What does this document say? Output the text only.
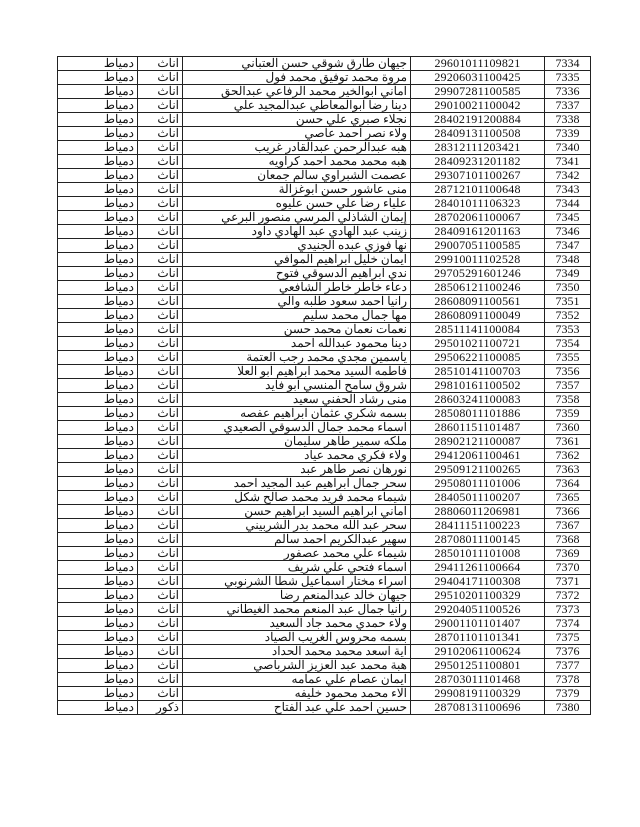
دمياط	اناث	جيهان طارق شوقي حسن العتباني	29601011109821	7334
دمياط	اناث	مروة محمد توفيق محمد فول	29206031100425	7335
دمياط	اناث	اماني ابوالخير محمد الرفاعي عبدالحق	29907281100585	7336
دمياط	اناث	دينا رضا ابوالمعاطي عبدالمجيد علي	29010021100042	7337
دمياط	اناث	نجلاء صبري علي حسن	28402191200884	7338
دمياط	اناث	ولاء نصر احمد عاصي	28409131100508	7339
دمياط	اناث	هبه عبدالرحمن عبدالقادر غريب	28312111203421	7340
دمياط	اناث	هبه محمد محمد احمد كراويه	28409231201182	7341
دمياط	اناث	عصمت الشبراوي سالم جمعان	29307101100267	7342
دمياط	اناث	منى عاشور حسن ابوغزالة	28712101100648	7343
دمياط	اناث	علياء رضا علي حسن عليوه	28401011106323	7344
دمياط	اناث	إيمان الشاذلي المرسي منصور البرعي	28702061100067	7345
دمياط	اناث	زينب عبد الهادي عبد الهادي داود	28409161201163	7346
دمياط	اناث	نها فوزي عبده الجنيدي	29007051100585	7347
دمياط	اناث	ايمان خليل ابراهيم الموافي	29910011102528	7348
دمياط	اناث	ندي ابراهيم الدسوقي فتوح	29705291601246	7349
دمياط	اناث	دعاء خاطر خاطر الشافعي	28506121100246	7350
دمياط	اناث	رانيا احمد سعود طلبه والي	28608091100561	7351
دمياط	اناث	مها جمال محمد سليم	28608091100049	7352
دمياط	اناث	نعمات نعمان محمد حسن	28511141100084	7353
دمياط	اناث	دينا محمود عبدالله احمد	29501021100721	7354
دمياط	اناث	ياسمين مجدي محمد رجب العتمة	29506221100085	7355
دمياط	اناث	فاطمه السيد محمد ابراهيم ابو العلا	28510141100703	7356
دمياط	اناث	شروق سامح المنسي ابو فايد	29810161100502	7357
دمياط	اناث	منى رشاد الحفني سعيد	28603241100083	7358
دمياط	اناث	بسمه شكري عثمان ابراهيم عفصه	28508011101886	7359
دمياط	اناث	اسماء محمد جمال الدسوقي الصعيدي	28601151101487	7360
دمياط	اناث	ملكه سمير طاهر سليمان	28902121100087	7361
دمياط	اناث	ولاء فكري محمد عياد	29412061100461	7362
دمياط	اناث	نورهان نصر طاهر عبد	29509121100265	7363
دمياط	اناث	سحر جمال ابراهيم عبد المجيد احمد	29508011101006	7364
دمياط	اناث	شيماء محمد فريد محمد صالح شكل	28405011100207	7365
دمياط	اناث	اماني ابراهيم السيد ابراهيم حسن	28806011206981	7366
دمياط	اناث	سحر عبد الله محمد بدر الشربيني	28411151100223	7367
دمياط	اناث	سهير عبدالكريم احمد سالم	28708011100145	7368
دمياط	اناث	شيماء علي محمد عصفور	28501011101008	7369
دمياط	اناث	اسماء فتحي علي شريف	29411261100664	7370
دمياط	اناث	اسراء مختار اسماعيل شطا الشرنوبي	29404171100308	7371
دمياط	اناث	جيهان خالد عبدالمنعم رضا	29510201100329	7372
دمياط	اناث	رانيا جمال عبد المنعم محمد الغيطاني	29204051100526	7373
دمياط	اناث	ولاء حمدي محمد جاد السعيد	29001101101407	7374
دمياط	اناث	بسمه محروس الغريب الصياد	28701101101341	7375
دمياط	اناث	اية اسعد محمد محمد الحداد	29102061100624	7376
دمياط	اناث	هبة محمد عبد العزيز الشرباصي	29501251100801	7377
دمياط	اناث	ايمان عصام علي عمامه	28703011101468	7378
دمياط	اناث	الاء محمد محمود خليفه	29908191100329	7379
دمياط	ذكور	حسين احمد علي عبد الفتاح	28708131100696	7380
